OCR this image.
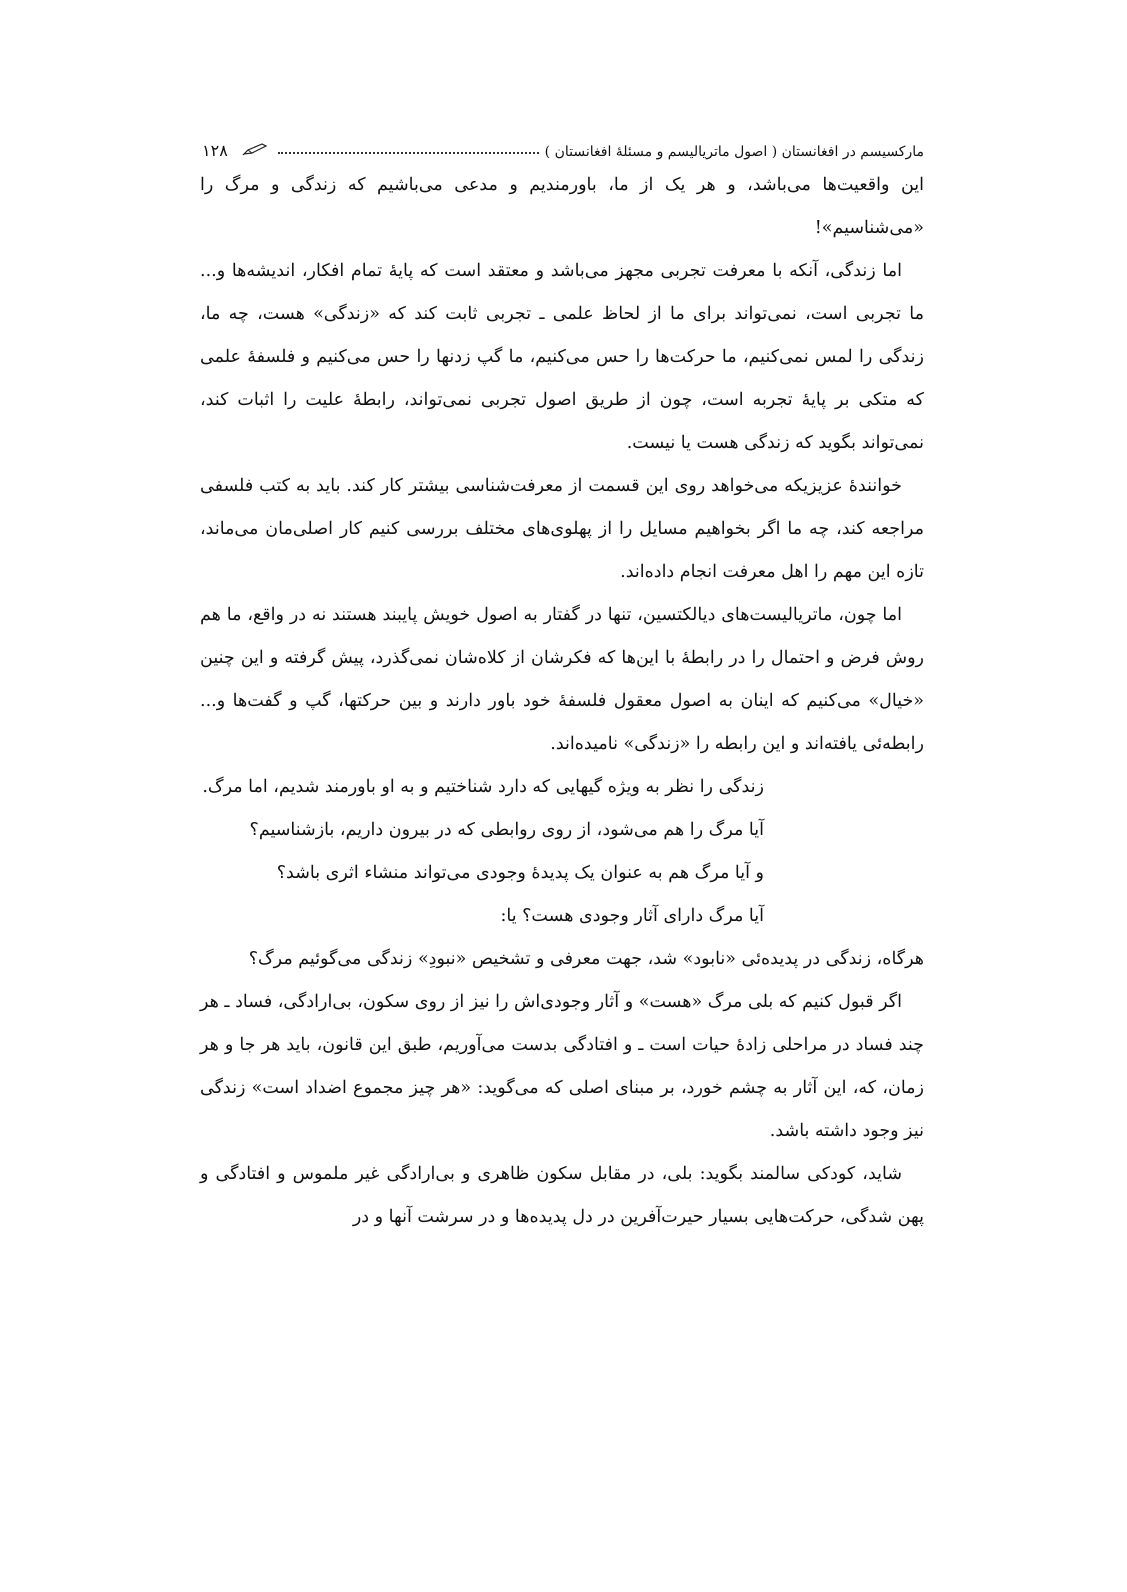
مارکسیسم در افغانستان ( اصول ماتریالیسم و مسئلۀ افغانستان )
۱۲۸

این واقعیت‌ها می‌باشد، و هر یک از ما، باورمندیم و مدعی می‌باشیم که زندگی و مرگ را «می‌شناسیم»!

اما زندگی، آنکه با معرفت تجربی مجهز می‌باشد و معتقد است که پایۀ تمام افکار، اندیشه‌ها و... ما تجربی است، نمی‌تواند برای ما از لحاظ علمی ـ تجربی ثابت کند که «زندگی» هست، چه ما، زندگی را لمس نمی‌کنیم، ما حرکت‌ها را حس می‌کنیم، ما گپ زدنها را حس می‌کنیم و فلسفۀ علمی که متکی بر پایۀ تجربه است، چون از طریق اصول تجربی نمی‌تواند، رابطۀ علیت را اثبات کند، نمی‌تواند بگوید که زندگی هست یا نیست.

خوانندۀ عزیزیکه می‌خواهد روی این قسمت از معرفت‌شناسی بیشتر کار کند. باید به کتب فلسفی مراجعه کند، چه ما اگر بخواهیم مسایل را از پهلوی‌های مختلف بررسی کنیم کار اصلی‌مان می‌ماند، تازه این مهم را اهل معرفت انجام داده‌اند.

اما چون، ماتریالیست‌های دیالکتسین، تنها در گفتار به اصول خویش پایبند هستند نه در واقع، ما هم روش فرض و احتمال را در رابطۀ با این‌ها که فکرشان از کلاه‌شان نمی‌گذرد، پیش گرفته و این چنین «خیال» می‌کنیم که اینان به اصول معقول فلسفۀ خود باور دارند و بین حرکتها، گپ و گفت‌ها و... رابطه‌ئی یافته‌اند و این رابطه را «زندگی» نامیده‌اند.

زندگی را نظر به ویژه گیهایی که دارد شناختیم و به او باورمند شدیم، اما مرگ.

آیا مرگ را هم می‌شود، از روی روابطی که در بیرون داریم، بازشناسیم؟

و آیا مرگ هم به عنوان یک پدیدۀ وجودی می‌تواند منشاء اثری باشد؟

آیا مرگ دارای آثار وجودی هست؟ یا:

هرگاه، زندگی در پدیده‌ئی «نابود» شد، جهت معرفی و تشخیص «نبودِ» زندگی می‌گوئیم مرگ؟

اگر قبول کنیم که بلی مرگ «هست» و آثار وجودی‌اش را نیز از روی سکون، بی‌ارادگی، فساد ـ هر چند فساد در مراحلی زادۀ حیات است ـ و افتادگی بدست می‌آوریم، طبق این قانون، باید هر جا و هر زمان، که، این آثار به چشم خورد، بر مبنای اصلی که می‌گوید: «هر چیز مجموع اضداد است» زندگی نیز وجود داشته باشد.

شاید، کودکی سالمند بگوید: بلی، در مقابل سکون ظاهری و بی‌ارادگی غیر ملموس و افتادگی و پهن شدگی، حرکت‌هایی بسیار حیرت‌آفرین در دل پدیده‌ها و در سرشت آنها و در
